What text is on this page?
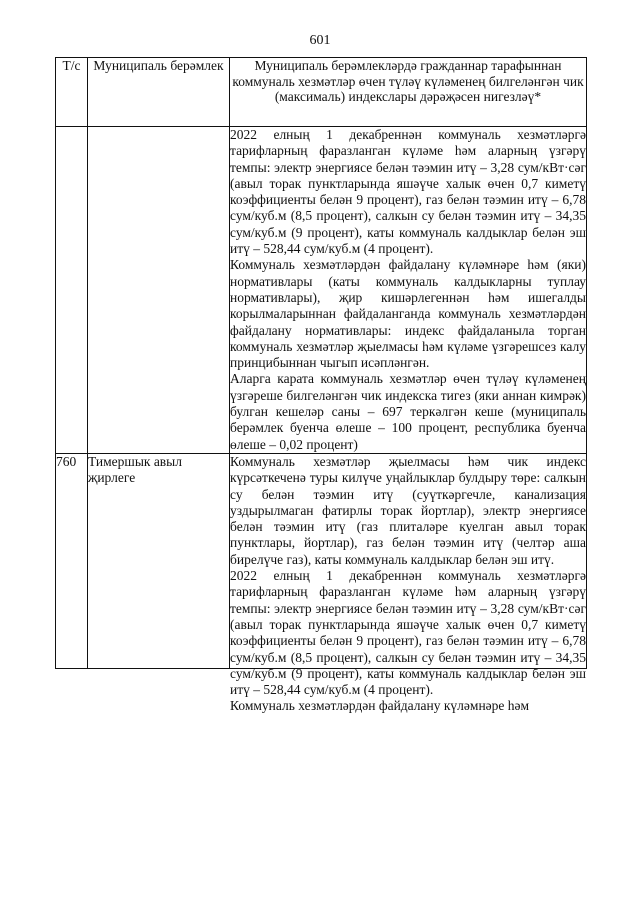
601
Т/с	Муниципаль берәмлек	Муниципаль берәмлекләрдә гражданнар тарафыннан коммуналь хезмәтләр өчен түләү күләменең билгеләнгән чик (максималь) индекслары дәрәҗәсен нигезләү*

		2022 елның 1 декабреннән коммуналь хезмәтләргә тарифларның фаразланган күләме һәм аларның үзгәрү темпы: электр энергиясе белән тәэмин итү – 3,28 сум/кВт·сәг (авыл торак пунктларында яшәүче халык өчен 0,7 киметү коэффициенты белән 9 процент), газ белән тәэмин итү – 6,78 сум/куб.м (8,5 процент), салкын су белән тәэмин итү – 34,35 сум/куб.м (9 процент), каты коммуналь калдыклар белән эш итү – 528,44 сум/куб.м (4 процент).

Коммуналь хезмәтләрдән файдалану күләмнәре һәм (яки) нормативлары (каты коммуналь калдыкларны туплау нормативлары), җир кишәрлегеннән һәм ишегалды корылмаларыннан файдаланганда коммуналь хезмәтләрдән файдалану нормативлары: индекс файдаланыла торган коммуналь хезмәтләр җыелмасы һәм күләме үзгәрешсез калу принцибыннан чыгып исәпләнгән.

Аларга карата коммуналь хезмәтләр өчен түләү күләменең үзгәреше билгеләнгән чик индекска тигез (яки аннан кимрәк) булган кешеләр саны – 697 теркәлгән кеше (муниципаль берәмлек буенча өлеше – 100 процент, республика буенча өлеше – 0,02 процент)

760	Тимершык авыл җирлеге	Коммуналь хезмәтләр җыелмасы һәм чик индекс күрсәткеченә туры килүче уңайлыклар булдыру төре: салкын су белән тәэмин итү (суүткәргечле, канализация уздырылмаган фатирлы торак йортлар), электр энергиясе белән тәэмин итү (газ плиталәре куелган авыл торак пунктлары, йортлар), газ белән тәэмин итү (челтәр аша бирелүче газ), каты коммуналь калдыклар белән эш итү.

2022 елның 1 декабреннән коммуналь хезмәтләргә тарифларның фаразланган күләме һәм аларның үзгәрү темпы: электр энергиясе белән тәэмин итү – 3,28 сум/кВт·сәг (авыл торак пунктларында яшәүче халык өчен 0,7 киметү коэффициенты белән 9 процент), газ белән тәэмин итү – 6,78 сум/куб.м (8,5 процент), салкын су белән тәэмин итү – 34,35 сум/куб.м (9 процент), каты коммуналь калдыклар белән эш итү – 528,44 сум/куб.м (4 процент).

Коммуналь хезмәтләрдән файдалану күләмнәре һәм
